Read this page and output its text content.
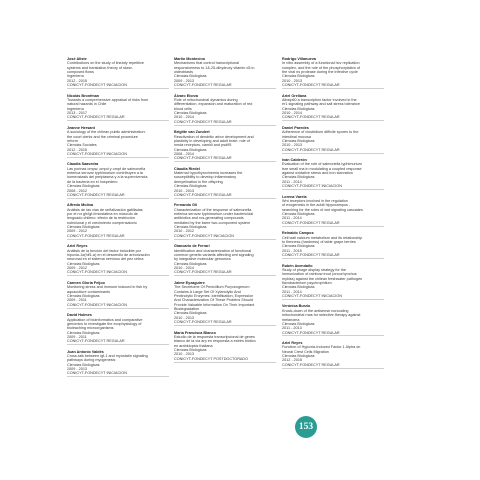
José Aliste

Contributions on the study of linearly repetitive

systems and translation theory of skew-

composed flows

Ingeniería

2012 - 2015

CONICYT-FONDECYT INICIACION

Nicolás Bronfman

Towards a comprehensive appraisal of risks from

natural hazards in Chile

Ingeniería

2013 - 2017

CONICYT-FONDECYT REGULAR

Jeanne Hersant

A sociology of the chilean public administration:

the court clerks and the criminal procedure

reform

Ciencias Sociales

2012 - 2015

CONICYT-FONDECYT INICIACION

Claudia Saavedra

Las porinas ompw, ompd y ompf de salmonella

enterica serovar typhimurium contribuyen a la

homeostasis del periplasma y a la supervivencia

de la bacteria en el hospedero

Ciencias Biológicas

2008 - 2012

CONICYT-FONDECYT REGULAR

Alfredo Molina

Análisis de las vías de señalización gatilladas

por el ror gh/igf-i/miostatina en músculo de

lenguado chileno: efecto de la restricción

nutricional y el crecimiento compensatorio

Ciencias Biológicas

2009 - 2012

CONICYT-FONDECYT REGULAR

Ariel Reyes

Análisis de la función del factor inducible por

hipoxia-1α(hif1-α) en el desarrollo de arborización

neuronal en el sistema nervioso del pez cebra

Ciencias Biológicas

2009 - 2012

CONICYT-FONDECYT INICIACION

Carmen Gloria Feijoo

Monitoring stress and immune induced in fish by

aquaculture contaminants

Ciencias Biológicas

2009 - 2011

CONICYT-FONDECYT INICIACION

David Holmes

Application of bioinformatics and comparative

genomics to investigate the ecophysiology of

bioleaching microorganisms

Ciencias Biológicas

2009 - 2011

CONICYT-FONDECYT REGULAR

Juan Antonio Valdés

Cross-talk between igf-1 and myostatin signaling

pathways during myogenesis

Ciencias Biológicas

2009 - 2013

CONICYT-FONDECYT INICIACION

Martín Montecino

Mechanisms that control transcriptional

responsiveness to 1&,25-dihydroxy vitamin d3 in

osteoblasts

Ciencias Biológicas

2009 - 2013

CONICYT-FONDECYT REGULAR

Álvaro Elorza

Role of mitochondrial dynamics during

differentiation, expansion and maturation of red

blood cells

Ciencias Biológicas

2010 - 2014

CONICYT-FONDECYT REGULAR

Brigitte van Zundert

Reactivation of dendritic arbor development and

plasticity in developing and adult brain: role of

nmda receptors, camkii and psd95

Ciencias Biológicas

2008 - 2014

CONICYT-FONDECYT REGULAR

Claudia Riedel

Maternal hypothyroxinemia increases the

susceptibility to develop inflammatory

demyelination in the offspring

Ciencias Biológicas

2010 - 2013

CONICYT-FONDECYT REGULAR

Fernando Gil

Characterization of the response of salmonella

enterica serovar typhimurium under bactericidal

antibiotics and ros-generating compounds

mediated by the barre two-component system

Ciencias Biológicas

2010 - 2012

CONICYT-FONDECYT INICIACION

Giancarlo de Ferrari

Identification and characterization of functional

common genetic variants affecting wnt signaling

by integrative molecular genomics

Ciencias Biológicas

2010 - 2014

CONICYT-FONDECYT REGULAR

Jaime Eyzaguirre

The Secretome Of Penicillium Purpurogenum

Contains A Large Set Of Xylanolytic And

Pectinolytic Enzymes: Identification, Expression

And Characterization Of These Proteins Should

Provide Valuable Information On Their Important

Biodegradation

Ciencias Biológicas

2010 - 2013

CONICYT-FONDECYT REGULAR

María Francisca Blanco

Estudio de la respuesta transcripcional de genes

blanco de la vía arp en respuesta a estrés biótico

en arabidopsis thaliana

Ciencias Biológicas

2010 - 2013

CONICYT-FONDECYT POSTDOCTORADO

Rodrigo Villanueva

In vitro assembly of a functional hcv replication

complex, and the role of the phosphorylation of

the viral ns protease during the infective cycle

Ciencias Biológicas

2010 - 2013

CONICYT-FONDECYT REGULAR

Ariel Orellana

Atbzip60 a transcription factor involved in the

er1 signaling pathway and salt stress tolerance

Ciencias Biológicas

2010 - 2014

CONICYT-FONDECYT REGULAR

Daniel Paredes

Adherence of clostridium difficile spores to the

intestinal mucosa

Ciencias Biológicas

2010 - 2013

CONICYT-FONDECYT REGULAR

Iván Calderón

Evaluation of the role of salmonella typhimurium

tsre small rna in modulating a coupled response

against oxidative stress and iron starvation

Ciencias Biológicas

2011 - 2014

CONICYT-FONDECYT INICIACION

Lorena Varela

Wnt receptors involved in the regulation

of exogenesis in the adult hippocampus -

searching for the roles of wnt signaling cascades

Ciencias Biológicas

2011 - 2014

CONICYT-FONDECYT REGULAR

Reinaldo Campos

Cell wall calcium metabolism and its relationship

to firmness (hardness) of table grape berries

Ciencias Biológicas

2011 - 2015

CONICYT-FONDECYT REGULAR

Rubén Avendaño

Study of phage display strategy for the

immunization of rainbow trout (oncorhynchus

mykiss) against the chilean freshwater pathogen

flavobacterium psychrophilum

Ciencias Biológicas

2011 - 2014

CONICYT-FONDECYT INICIACION

Verónica Burzio

Knock-down of the antisense noncoding

mitochondrial rnas for selective therapy against

melanoma

Ciencias Biológicas

2011 - 2013

CONICYT-FONDECYT REGULAR

Ariel Reyes

Function of Hypoxia-Induced Factor-1 Alpha on

Neural Crest Cells Migration

Ciencias Biológicas

2012 - 2015

CONICYT-FONDECYT REGULAR

153
